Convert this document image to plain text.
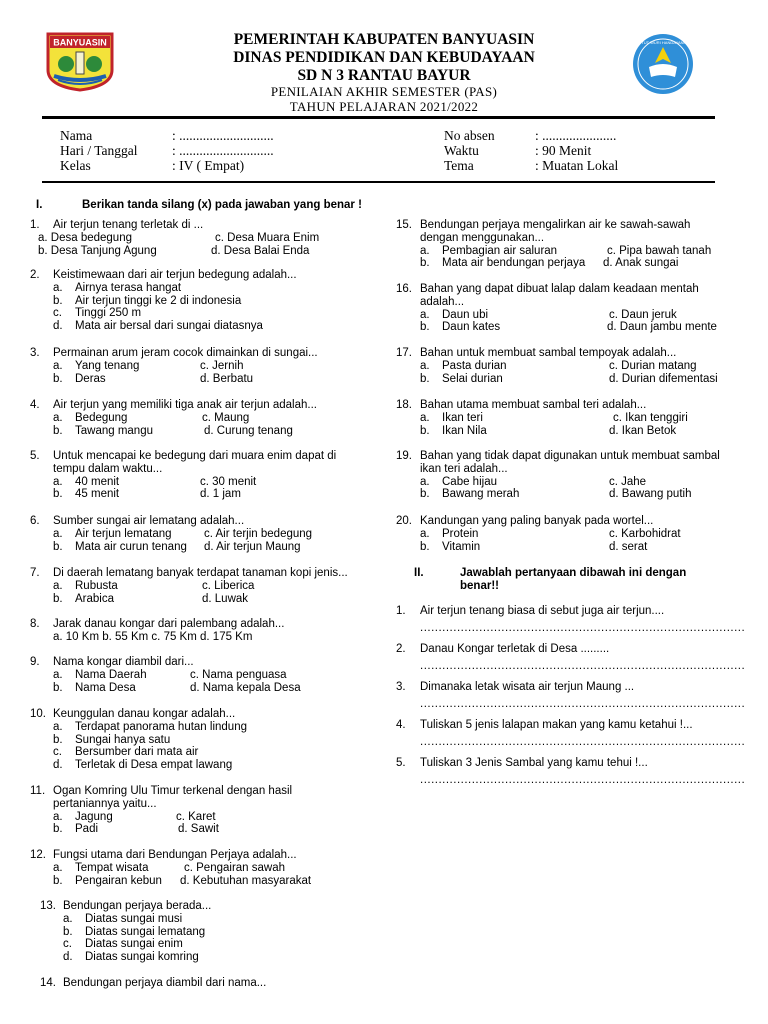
BANYUASIN	PEMERINTAH KABUPATEN BANYUASIN
DINAS PENDIDIKAN DAN KEBUDAYAAN
SD N 3 RANTAU BAYUR
PENILAIAN AKHIR SEMESTER (PAS)
TAHUN PELAJARAN 2021/2022
TUT WURI HANDAYANI
Nama	: ............................
Hari / Tanggal	: ............................
Kelas	: IV ( Empat)
No absen	: ......................
Waktu	: 90 Menit
Tema	: Muatan Lokal
I.	Berikan tanda silang (x) pada jawaban yang benar !
1. Air terjun tenang terletak di ...
a. Desa bedegung	c. Desa Muara Enim
b. Desa Tanjung Agung	d. Desa Balai Enda
2. Keistimewaan dari air terjun bedegung adalah...
a. Airnya terasa hangat
b. Air terjun tinggi ke 2 di indonesia
c. Tinggi 250 m
d. Mata air bersal dari sungai diatasnya
3. Permainan arum jeram cocok dimainkan di sungai...
a. Yang tenang	c. Jernih
b. Deras	d. Berbatu
4. Air terjun yang memiliki tiga anak air terjun adalah...
a. Bedegung	c. Maung
b. Tawang mangu	d. Curung tenang
5. Untuk mencapai ke bedegung dari muara enim dapat di
tempu dalam waktu...
a. 40 menit	c. 30 menit
b. 45 menit	d. 1 jam
6. Sumber sungai air lematang adalah...
a. Air terjun lematang	c. Air terjin bedegung
b. Mata air curun tenang d. Air terjun Maung
7. Di daerah lematang banyak terdapat tanaman kopi jenis...
a. Rubusta	c. Liberica
b. Arabica	d. Luwak
8. Jarak danau kongar dari palembang adalah...
a. 10 Km b. 55 Km c. 75 Km d. 175 Km
9. Nama kongar diambil dari...
a. Nama Daerah	c. Nama penguasa
b. Nama Desa	d. Nama kepala Desa
10. Keunggulan danau kongar adalah...
a. Terdapat panorama hutan lindung
b. Sungai hanya satu
c. Bersumber dari mata air
d. Terletak di Desa empat lawang
11. Ogan Komring Ulu Timur terkenal dengan hasil
pertaniannya yaitu...
a. Jagung	c. Karet
b. Padi	d. Sawit
12. Fungsi utama dari Bendungan Perjaya adalah...
a. Tempat wisata	c. Pengairan sawah
b. Pengairan kebun d. Kebutuhan masyarakat
13. Bendungan perjaya berada...
a. Diatas sungai musi
b. Diatas sungai lematang
c. Diatas sungai enim
d. Diatas sungai komring
14. Bendungan perjaya diambil dari nama...
15. Bendungan perjaya mengalirkan air ke sawah-sawah
dengan menggunakan...
a. Pembagian air saluran	c. Pipa bawah tanah
b. Mata air bendungan perjaya d. Anak sungai
16. Bahan yang dapat dibuat lalap dalam keadaan mentah
adalah...
a. Daun ubi	c. Daun jeruk
b. Daun kates	d. Daun jambu mente
17. Bahan untuk membuat sambal tempoyak adalah...
a. Pasta durian	c. Durian matang
b. Selai durian	d. Durian difementasi
18. Bahan utama membuat sambal teri adalah...
a. Ikan teri	c. Ikan tenggiri
b. Ikan Nila	d. Ikan Betok
19. Bahan yang tidak dapat digunakan untuk membuat sambal
ikan teri adalah...
a. Cabe hijau	c. Jahe
b. Bawang merah	d. Bawang putih
20. Kandungan yang paling banyak pada wortel...
a. Protein	c. Karbohidrat
b. Vitamin	d. serat
II.	Jawablah pertanyaan dibawah ini dengan
benar!!
1. Air terjun tenang biasa di sebut juga air terjun....
........................................................................................
2. Danau Kongar terletak di Desa .........
........................................................................................
3. Dimanaka letak wisata air terjun Maung ...
........................................................................................
4. Tuliskan 5 jenis lalapan makan yang kamu ketahui !...
........................................................................................
5. Tuliskan 3 Jenis Sambal yang kamu tehui !...
........................................................................................
